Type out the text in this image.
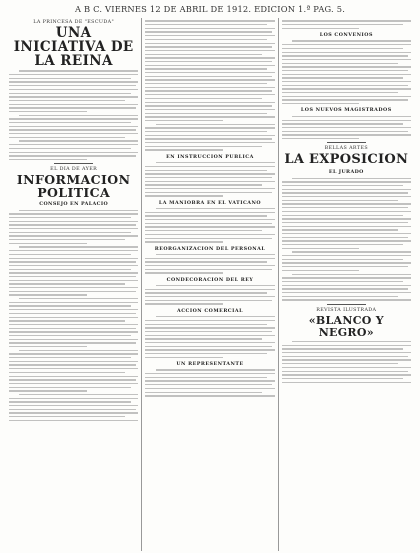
A B C. VIERNES 12 DE ABRIL DE 1912. EDICION 1.ª PAG. 5.
LA PRINCESA DE "ESCUDA"
UNA INICIATIVA DE LA REINA
EL DIA DE AYER
INFORMACION POLITICA
CONSEJO EN PALACIO
EN INSTRUCCION PUBLICA
LA MANIOBRA EN EL VATICANO
REORGANIZACION DEL PERSONAL
CONDECORACION DEL REY
ACCION COMERCIAL
UN REPRESENTANTE
LOS CONVENIOS
LOS NUEVOS MAGISTRADOS
BELLAS ARTES
LA EXPOSICION
EL JURADO
REVISTA ILUSTRADA
«BLANCO Y NEGRO»
